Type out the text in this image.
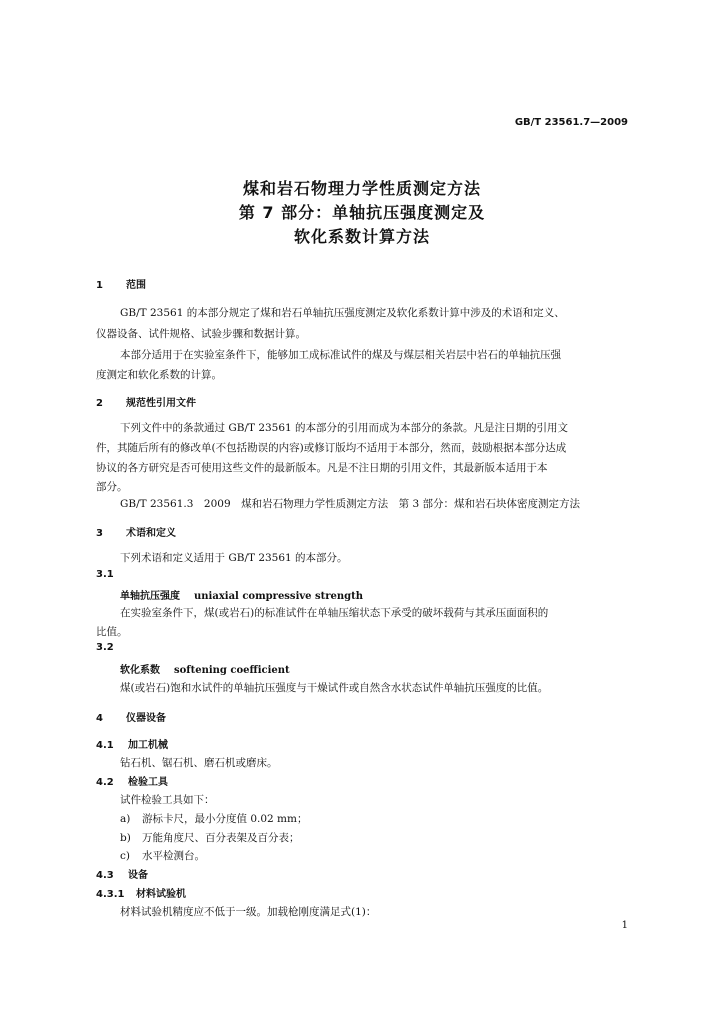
GB/T 23561.7—2009
煤和岩石物理力学性质测定方法
第 7 部分：单轴抗压强度测定及
软化系数计算方法
1 范围
GB/T 23561 的本部分规定了煤和岩石单轴抗压强度测定及软化系数计算中涉及的术语和定义、
仪器设备、试件规格、试验步骤和数据计算。
本部分适用于在实验室条件下，能够加工成标准试件的煤及与煤层相关岩层中岩石的单轴抗压强
度测定和软化系数的计算。
2 规范性引用文件
下列文件中的条款通过 GB/T 23561 的本部分的引用而成为本部分的条款。凡是注日期的引用文
件，其随后所有的修改单(不包括勘误的内容)或修订版均不适用于本部分，然而，鼓励根据本部分达成
协议的各方研究是否可使用这些文件的最新版本。凡是不注日期的引用文件，其最新版本适用于本
部分。
GB/T 23561.3　2009　煤和岩石物理力学性质测定方法　第 3 部分：煤和岩石块体密度测定方法
3 术语和定义
下列术语和定义适用于 GB/T 23561 的本部分。
3.1
单轴抗压强度 uniaxial compressive strength
在实验室条件下，煤(或岩石)的标准试件在单轴压缩状态下承受的破坏载荷与其承压面面积的
比值。
3.2
软化系数 softening coefficient
煤(或岩石)饱和水试件的单轴抗压强度与干燥试件或自然含水状态试件单轴抗压强度的比值。
4 仪器设备
4.1 加工机械
钻石机、锯石机、磨石机或磨床。
4.2 检验工具
试件检验工具如下：
a) 游标卡尺，最小分度值 0.02 mm；
b) 万能角度尺、百分表架及百分表；
c) 水平检测台。
4.3 设备
4.3.1 材料试验机
材料试验机精度应不低于一级。加载枪刚度满足式(1)：
1
